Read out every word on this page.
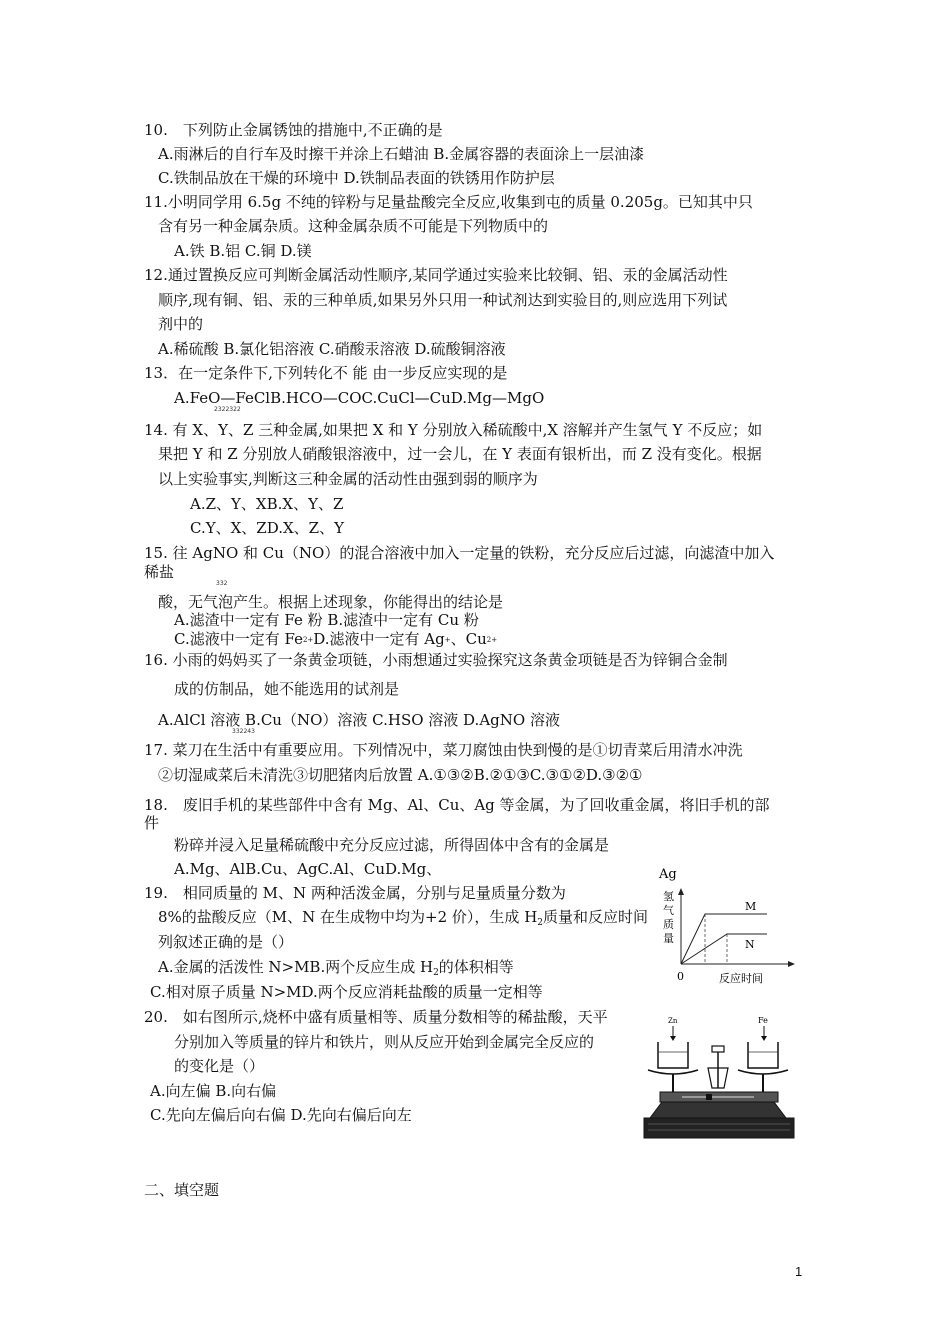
10.　下列防止金属锈蚀的措施中,不正确的是
A.雨淋后的自行车及时擦干并涂上石蜡油 B.金属容器的表面涂上一层油漆
C.铁制品放在干燥的环境中 D.铁制品表面的铁锈用作防护层
11.小明同学用 6.5g 不纯的锌粉与足量盐酸完全反应,收集到屯的质量 0.205g。已知其中只
含有另一种金属杂质。这种金属杂质不可能是下列物质中的
A.铁 B.铝 C.铜 D.镁
12.通过置换反应可判断金属活动性顺序,某同学通过实验来比较铜、铝、汞的金属活动性
顺序,现有铜、铝、汞的三种单质,如果另外只用一种试剂达到实验目的,则应选用下列试
剂中的
A.稀硫酸 B.氯化铝溶液 C.硝酸汞溶液 D.硫酸铜溶液
13．在一定条件下,下列转化不 能 由一步反应实现的是
A.FeO—FeClB.HCO—COC.CuCl—CuD.Mg—MgO
2322322
14. 有 X、Y、Z 三种金属,如果把 X 和 Y 分别放入稀硫酸中,X 溶解并产生氢气 Y 不反应；如
果把 Y 和 Z 分别放人硝酸银溶液中，过一会儿，在 Y 表面有银析出，而 Z 没有变化。根据
以上实验事实,判断这三种金属的活动性由强到弱的顺序为
A.Z、Y、XB.X、Y、Z
C.Y、X、ZD.X、Z、Y
15. 往 AgNO 和 Cu（NO）的混合溶液中加入一定量的铁粉，充分反应后过滤，向滤渣中加入
稀盐
332
酸，无气泡产生。根据上述现象，你能得出的结论是
A.滤渣中一定有 Fe 粉 B.滤渣中一定有 Cu 粉
C.滤液中一定有 Fe2+D.滤液中一定有 Ag+、Cu2+
16. 小雨的妈妈买了一条黄金项链，小雨想通过实验探究这条黄金项链是否为锌铜合金制
成的仿制品，她不能选用的试剂是
A.AlCl 溶液 B.Cu（NO）溶液 C.HSO 溶液 D.AgNO 溶液
332243
17. 菜刀在生活中有重要应用。下列情况中，菜刀腐蚀由快到慢的是①切青菜后用清水冲洗
②切湿咸菜后未清洗③切肥猪肉后放置 A.①③②B.②①③C.③①②D.③②①
18.　废旧手机的某些部件中含有 Mg、Al、Cu、Ag 等金属，为了回收重金属，将旧手机的部
件
粉碎并浸入足量稀硫酸中充分反应过滤，所得固体中含有的金属是
A.Mg、AlB.Cu、AgC.Al、CuD.Mg、
19.　相同质量的 M、N 两种活泼金属，分别与足量质量分数为
8%的盐酸反应（M、N 在生成物中均为+2 价），生成 $H_2$质量和反应时间
列叙述正确的是（）
A.金属的活泼性 N>MB.两个反应生成 $H_2$的体积相等
C.相对原子质量 N>MD.两个反应消耗盐酸的质量一定相等
20.　如右图所示,烧杯中盛有质量相等、质量分数相等的稀盐酸，天平
分别加入等质量的锌片和铁片，则从反应开始到金属完全反应的
的变化是（）
A.向左偏 B.向右偏
C.先向左偏后向右偏 D.先向右偏后向左
二、填空题
1
Ag
氢
气
质
量
M
N
0	反应时间
Zn	Fe
